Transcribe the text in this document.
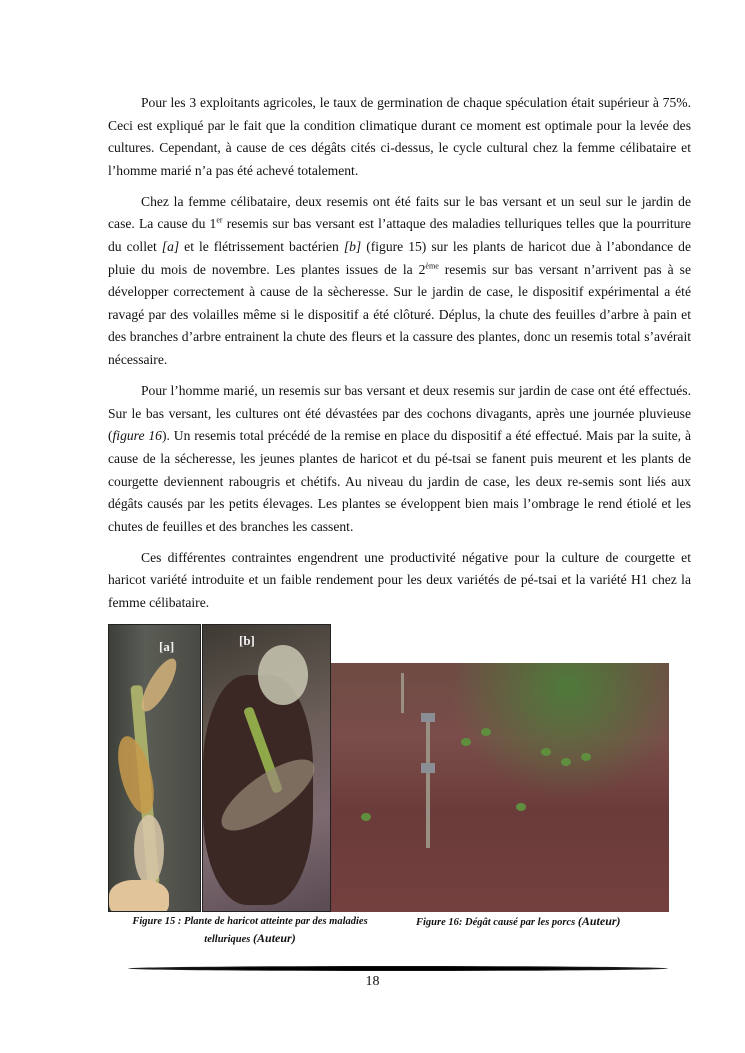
Pour les 3 exploitants agricoles, le taux de germination de chaque spéculation était supérieur à 75%. Ceci est expliqué par le fait que la condition climatique durant ce moment est optimale pour la levée des cultures. Cependant, à cause de ces dégâts cités ci-dessus, le cycle cultural chez la femme célibataire et l’homme marié n’a pas été achevé totalement.

Chez la femme célibataire, deux resemis ont été faits sur le bas versant et un seul sur le jardin de case. La cause du 1er resemis sur bas versant est l’attaque des maladies telluriques telles que la pourriture du collet [a] et le flétrissement bactérien [b] (figure 15) sur les plants de haricot due à l’abondance de pluie du mois de novembre. Les plantes issues de la 2ème resemis sur bas versant n’arrivent pas à se développer correctement à cause de la sècheresse. Sur le jardin de case, le dispositif expérimental a été ravagé par des volailles même si le dispositif a été clôturé. Déplus, la chute des feuilles d’arbre à pain et des branches d’arbre entrainent la chute des fleurs et la cassure des plantes, donc un resemis total s’avérait nécessaire.

Pour l’homme marié, un resemis sur bas versant et deux resemis sur jardin de case ont été effectués. Sur le bas versant, les cultures ont été dévastées par des cochons divagants, après une journée pluvieuse (figure 16). Un resemis total précédé de la remise en place du dispositif a été effectué. Mais par la suite, à cause de la sécheresse, les jeunes plantes de haricot et du pé-tsai se fanent puis meurent et les plants de courgette deviennent rabougris et chétifs. Au niveau du jardin de case, les deux re-semis sont liés aux dégâts causés par les petits élevages. Les plantes se éveloppent bien mais l’ombrage le rend étiolé et les chutes de feuilles et des branches les cassent.

Ces différentes contraintes engendrent une productivité négative pour la culture de courgette et haricot variété introduite et un faible rendement pour les deux variétés de pé-tsai et la variété H1 chez la femme célibataire.

[a]	[b]
Figure 15 : Plante de haricot atteinte par des maladies
telluriques (Auteur)
Figure 16: Dégât causé par les porcs (Auteur)
18
